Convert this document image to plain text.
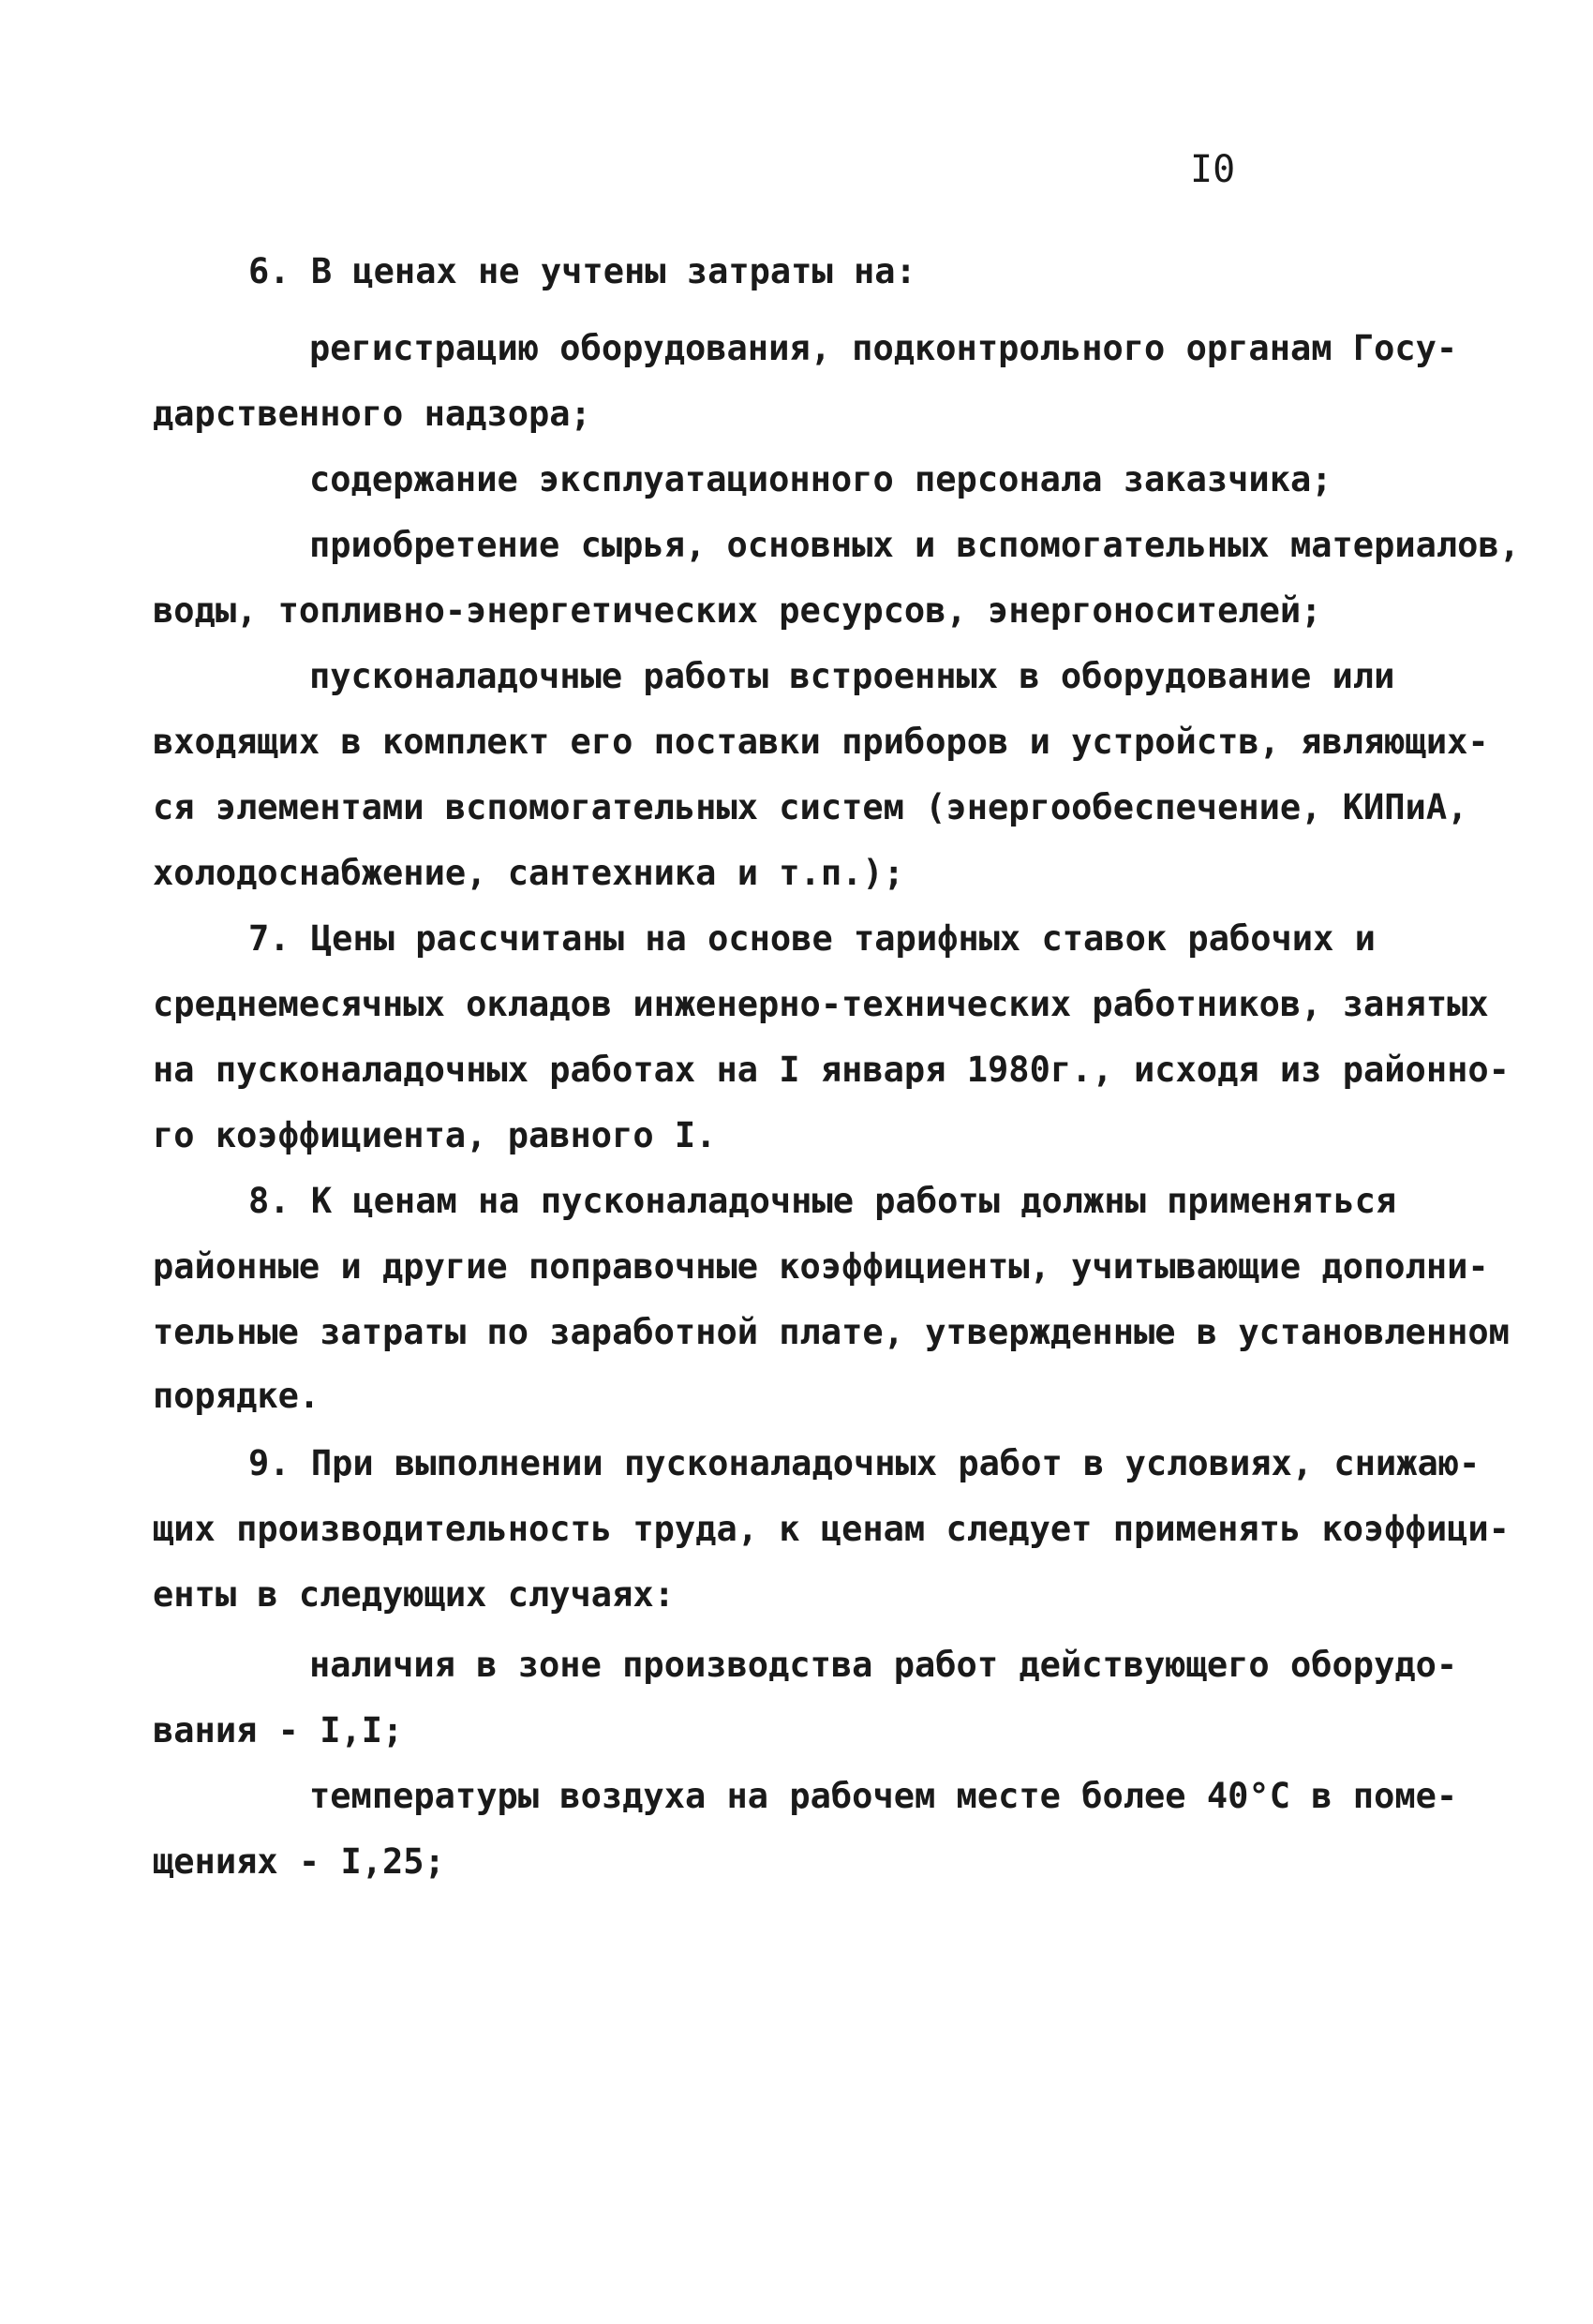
I0
6. В ценах не учтены затраты на:
регистрацию оборудования, подконтрольного органам Госу-
дарственного надзора;
содержание эксплуатационного персонала заказчика;
приобретение сырья, основных и вспомогательных материалов,
воды, топливно-энергетических ресурсов, энергоносителей;
пусконаладочные работы встроенных в оборудование или
входящих в комплект его поставки приборов и устройств, являющих-
ся элементами вспомогательных систем (энергообеспечение, КИПиА,
холодоснабжение, сантехника и т.п.);
7. Цены рассчитаны на основе тарифных ставок рабочих и
среднемесячных окладов инженерно-технических работников, занятых
на пусконаладочных работах на I января 1980г., исходя из районно-
го коэффициента, равного I.
8. К ценам на пусконаладочные работы должны применяться
районные и другие поправочные коэффициенты, учитывающие дополни-
тельные затраты по заработной плате, утвержденные в установленном
порядке.
9. При выполнении пусконаладочных работ в условиях, снижаю-
щих производительность труда, к ценам следует применять коэффици-
енты в следующих случаях:
наличия в зоне производства работ действующего оборудо-
вания - I,I;
температуры воздуха на рабочем месте более 40°С в поме-
щениях - I,25;
